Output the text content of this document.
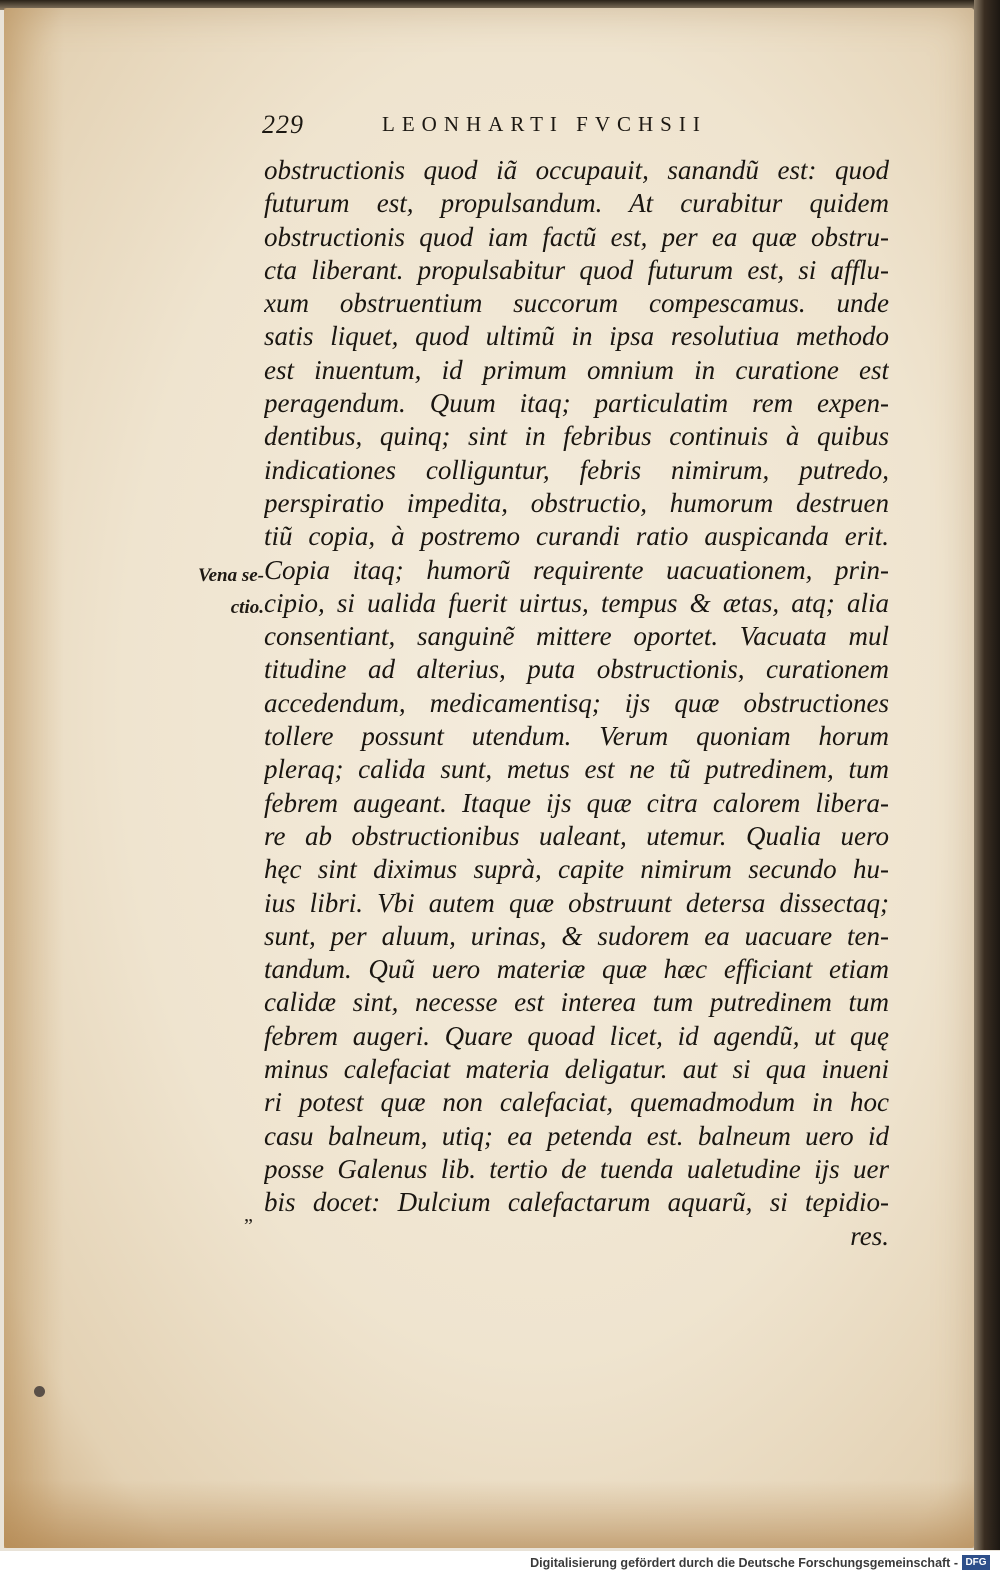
229	LEONHARTI FVCHSII
Vena se-
ctio.
obstructionis quod iã occupauit, sanandũ est: quod
futurum est, propulsandum. At curabitur quidem
obstructionis quod iam factũ est, per ea quæ obstru-
cta liberant. propulsabitur quod futurum est, si afflu-
xum obstruentium succorum compescamus. unde
satis liquet, quod ultimũ in ipsa resolutiua methodo
est inuentum, id primum omnium in curatione est
peragendum. Quum itaq; particulatim rem expen-
dentibus, quinq; sint in febribus continuis à quibus
indicationes colliguntur, febris nimirum, putredo,
perspiratio impedita, obstructio, humorum destruen
tiũ copia, à postremo curandi ratio auspicanda erit.
Copia itaq; humorũ requirente uacuationem, prin-
cipio, si ualida fuerit uirtus, tempus & ætas, atq; alia
consentiant, sanguinẽ mittere oportet. Vacuata mul
titudine ad alterius, puta obstructionis, curationem
accedendum, medicamentisq; ijs quæ obstructiones
tollere possunt utendum. Verum quoniam horum
pleraq; calida sunt, metus est ne tũ putredinem, tum
febrem augeant. Itaque ijs quæ citra calorem libera-
re ab obstructionibus ualeant, utemur. Qualia uero
hęc sint diximus suprà, capite nimirum secundo hu-
ius libri. Vbi autem quæ obstruunt detersa dissectaq;
sunt, per aluum, urinas, & sudorem ea uacuare ten-
tandum. Quũ uero materiæ quæ hæc efficiant etiam
calidæ sint, necesse est interea tum putredinem tum
febrem augeri. Quare quoad licet, id agendũ, ut quę
minus calefaciat materia deligatur. aut si qua inueni
ri potest quæ non calefaciat, quemadmodum in hoc
casu balneum, utiq; ea petenda est. balneum uero id
posse Galenus lib. tertio de tuenda ualetudine ijs uer
bis docet: Dulcium calefactarum aquarũ, si tepidio-
res.
„
Digitalisierung gefördert durch die Deutsche Forschungsgemeinschaft - DFG
